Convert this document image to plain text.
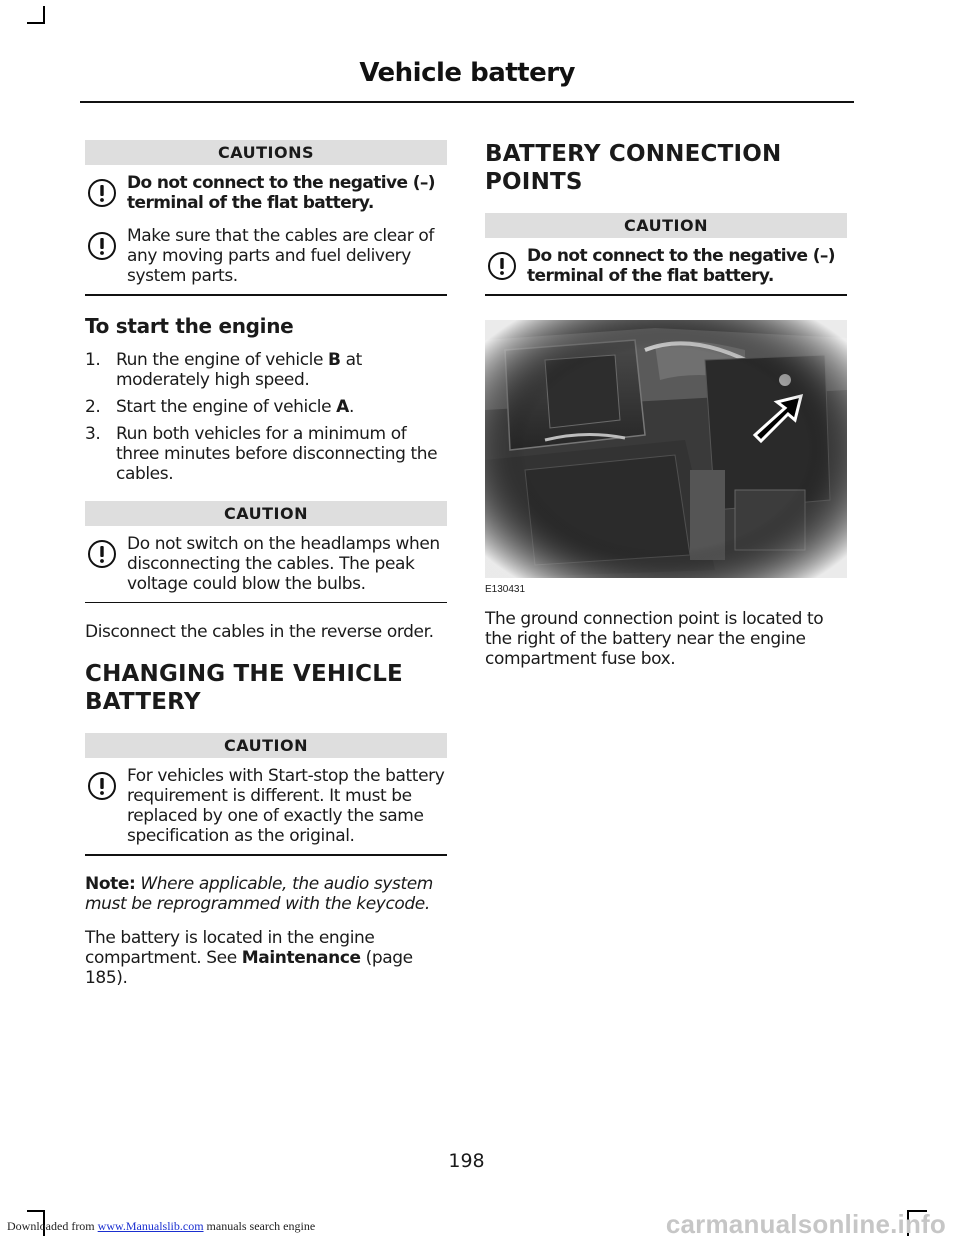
Vehicle battery
CAUTIONS
Do not connect to the negative (–) terminal of the flat battery.
Make sure that the cables are clear of any moving parts and fuel delivery system parts.
To start the engine
1. Run the engine of vehicle B at moderately high speed.
2. Start the engine of vehicle A.
3. Run both vehicles for a minimum of three minutes before disconnecting the cables.
CAUTION
Do not switch on the headlamps when disconnecting the cables. The peak voltage could blow the bulbs.

Disconnect the cables in the reverse order.

CHANGING THE VEHICLE
BATTERY
CAUTION
For vehicles with Start-stop the battery requirement is different. It must be replaced by one of exactly the same specification as the original.

Note: Where applicable, the audio system must be reprogrammed with the keycode.

The battery is located in the engine compartment. See Maintenance (page 185).

BATTERY CONNECTION
POINTS
CAUTION
Do not connect to the negative (–) terminal of the flat battery.
E130431

The ground connection point is located to the right of the battery near the engine compartment fuse box.

198
Downloaded from www.Manualslib.com manuals search engine	carmanualsonline.info
